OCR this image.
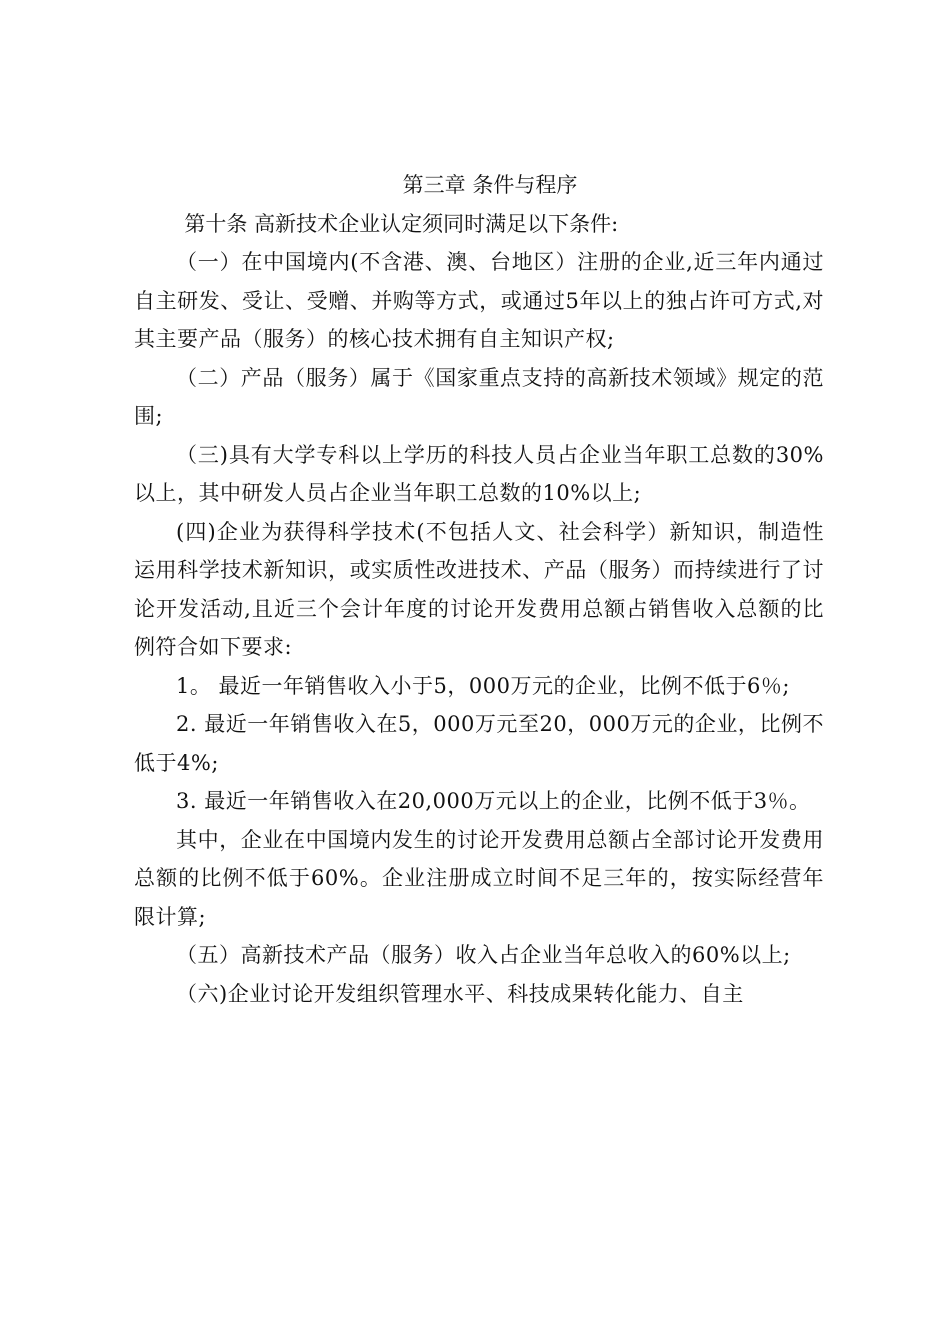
第三章 条件与程序

第十条 高新技术企业认定须同时满足以下条件:

（一）在中国境内(不含港、澳、台地区）注册的企业,近三年内通过自主研发、受让、受赠、并购等方式，或通过5年以上的独占许可方式,对其主要产品（服务）的核心技术拥有自主知识产权;

（二）产品（服务）属于《国家重点支持的高新技术领域》规定的范围;

（三)具有大学专科以上学历的科技人员占企业当年职工总数的30%以上，其中研发人员占企业当年职工总数的10%以上;

(四)企业为获得科学技术(不包括人文、社会科学）新知识，制造性运用科学技术新知识，或实质性改进技术、产品（服务）而持续进行了讨论开发活动,且近三个会计年度的讨论开发费用总额占销售收入总额的比例符合如下要求:

1。 最近一年销售收入小于5，000万元的企业，比例不低于6％;

2. 最近一年销售收入在5，000万元至20，000万元的企业，比例不低于4%;

3. 最近一年销售收入在20,000万元以上的企业，比例不低于3％。

其中，企业在中国境内发生的讨论开发费用总额占全部讨论开发费用总额的比例不低于60%。企业注册成立时间不足三年的，按实际经营年限计算;

（五）高新技术产品（服务）收入占企业当年总收入的60%以上;

（六)企业讨论开发组织管理水平、科技成果转化能力、自主
